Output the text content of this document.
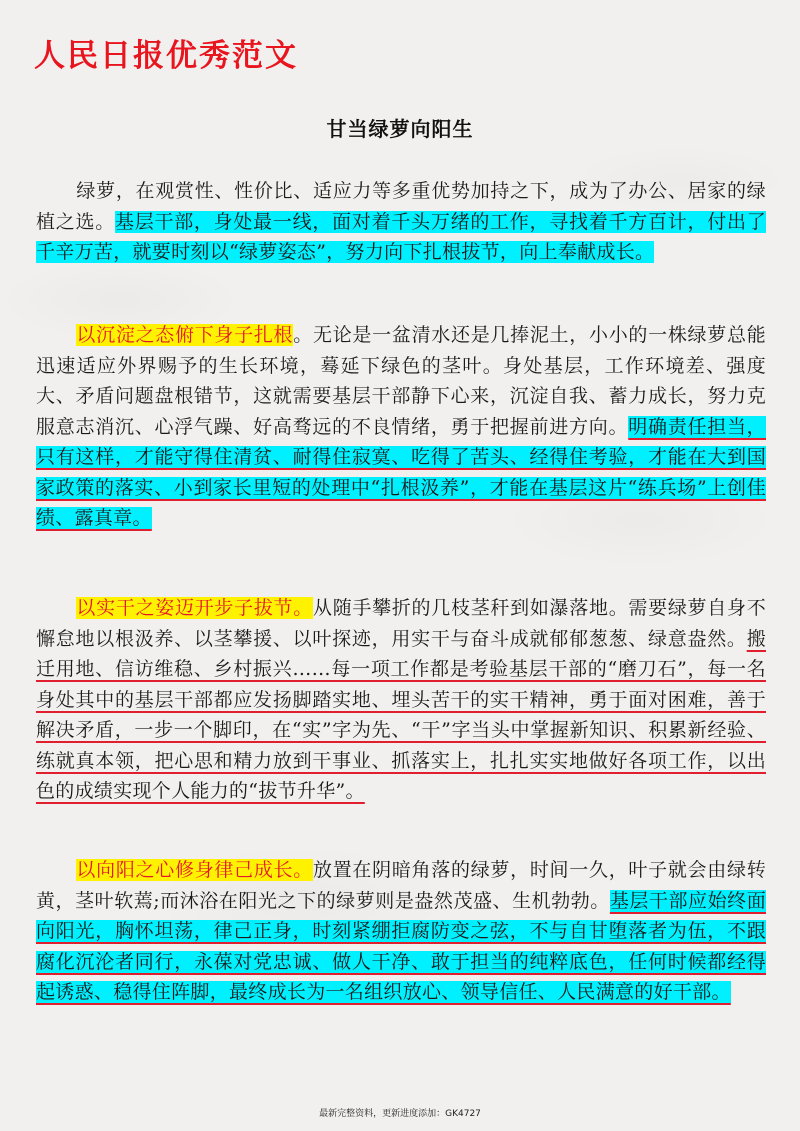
人民日报优秀范文
甘当绿萝向阳生

绿萝，在观赏性、性价比、适应力等多重优势加持之下，成为了办公、居家的绿植之选。基层干部，身处最一线，面对着千头万绪的工作，寻找着千方百计，付出了千辛万苦，就要时刻以“绿萝姿态”，努力向下扎根拔节，向上奉献成长。

以沉淀之态俯下身子扎根。无论是一盆清水还是几捧泥土，小小的一株绿萝总能迅速适应外界赐予的生长环境，蓦延下绿色的茎叶。身处基层，工作环境差、强度大、矛盾问题盘根错节，这就需要基层干部静下心来，沉淀自我、蓄力成长，努力克服意志消沉、心浮气躁、好高骛远的不良情绪，勇于把握前进方向。明确责任担当，只有这样，才能守得住清贫、耐得住寂寞、吃得了苦头、经得住考验，才能在大到国家政策的落实、小到家长里短的处理中“扎根汲养”，才能在基层这片“练兵场”上创佳绩、露真章。

以实干之姿迈开步子拔节。从随手攀折的几枝茎秆到如瀑落地。需要绿萝自身不懈怠地以根汲养、以茎攀援、以叶探迹，用实干与奋斗成就郁郁葱葱、绿意盎然。搬迁用地、信访维稳、乡村振兴……每一项工作都是考验基层干部的“磨刀石”，每一名身处其中的基层干部都应发扬脚踏实地、埋头苦干的实干精神，勇于面对困难，善于解决矛盾，一步一个脚印，在“实”字为先、“干”字当头中掌握新知识、积累新经验、练就真本领，把心思和精力放到干事业、抓落实上，扎扎实实地做好各项工作，以出色的成绩实现个人能力的“拔节升华”。

以向阳之心修身律己成长。放置在阴暗角落的绿萝，时间一久，叶子就会由绿转黄，茎叶软蔫;而沐浴在阳光之下的绿萝则是盎然茂盛、生机勃勃。基层干部应始终面向阳光，胸怀坦荡，律己正身，时刻紧绷拒腐防变之弦，不与自甘堕落者为伍，不跟腐化沉沦者同行，永葆对党忠诚、做人干净、敢于担当的纯粹底色，任何时候都经得起诱惑、稳得住阵脚，最终成长为一名组织放心、领导信任、人民满意的好干部。

最新完整资料，更新进度添加：GK4727
